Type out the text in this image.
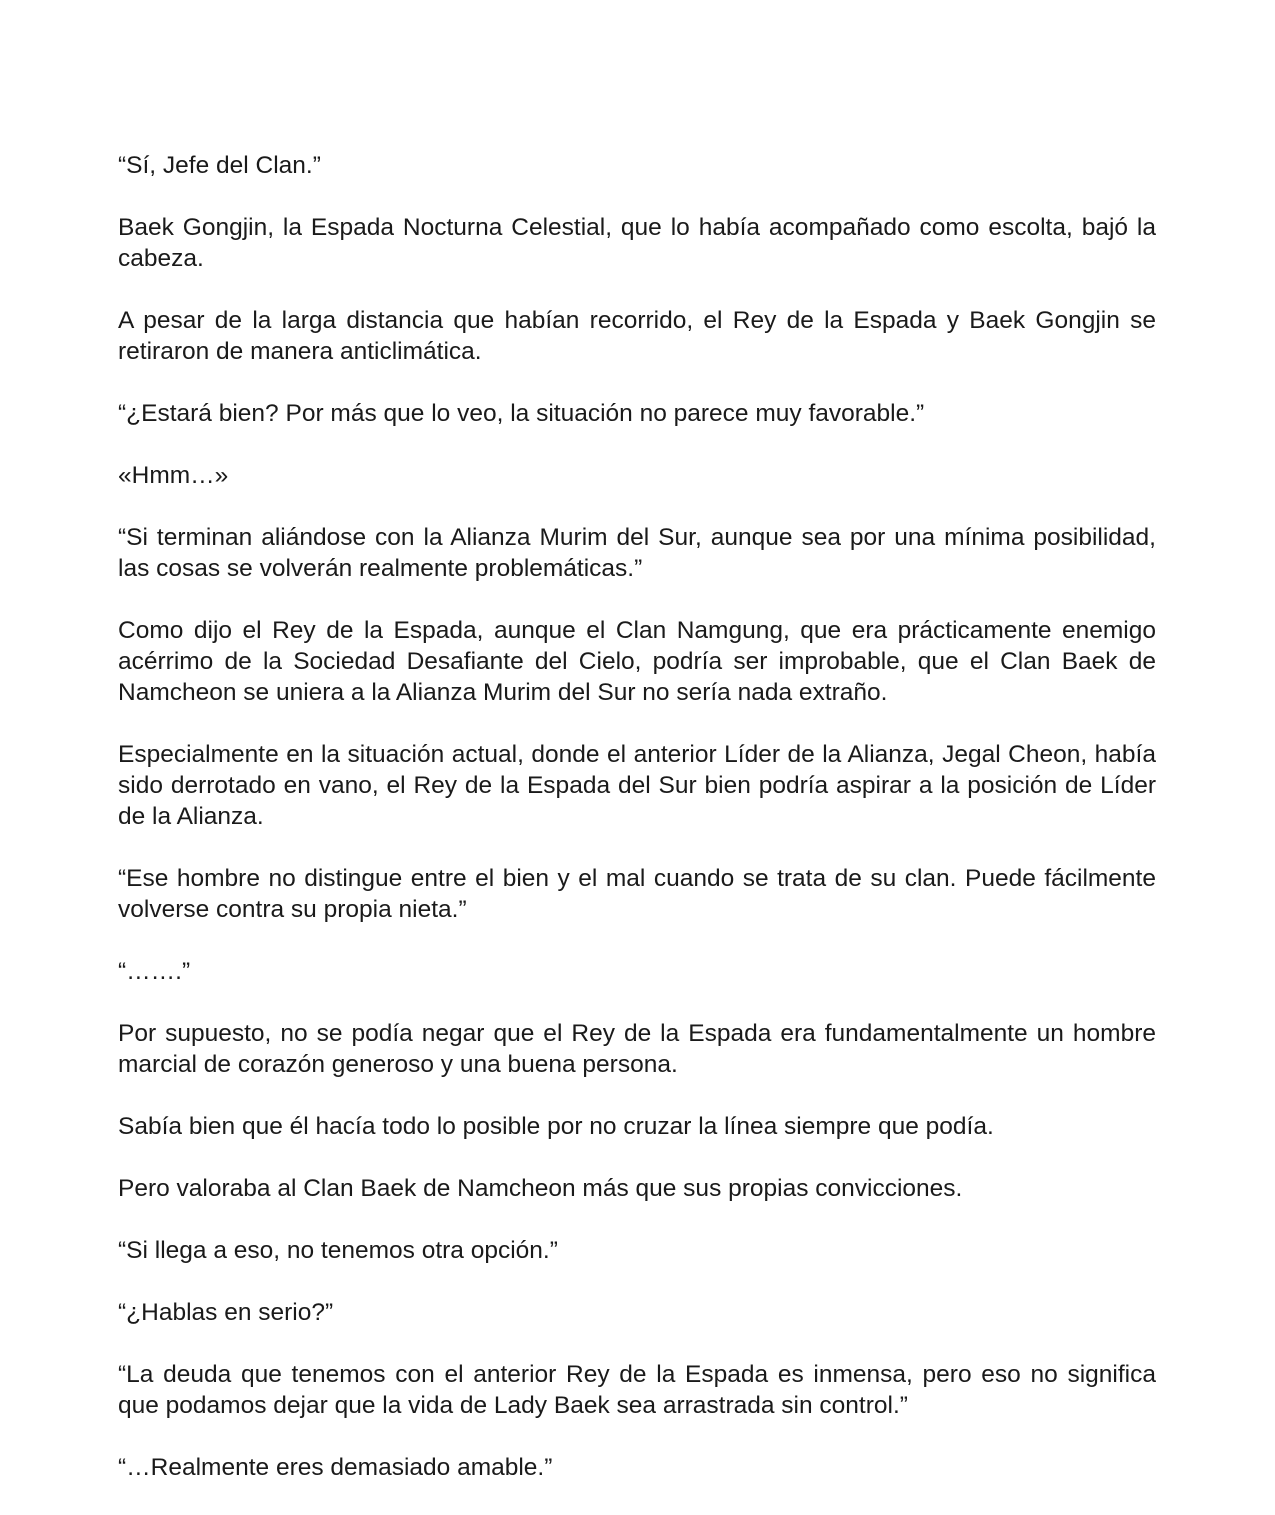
“Sí, Jefe del Clan.”

Baek Gongjin, la Espada Nocturna Celestial, que lo había acompañado como escolta, bajó la cabeza.

A pesar de la larga distancia que habían recorrido, el Rey de la Espada y Baek Gongjin se retiraron de manera anticlimática.

“¿Estará bien? Por más que lo veo, la situación no parece muy favorable.”

«Hmm…»

“Si terminan aliándose con la Alianza Murim del Sur, aunque sea por una mínima posibilidad, las cosas se volverán realmente problemáticas.”

Como dijo el Rey de la Espada, aunque el Clan Namgung, que era prácticamente enemigo acérrimo de la Sociedad Desafiante del Cielo, podría ser improbable, que el Clan Baek de Namcheon se uniera a la Alianza Murim del Sur no sería nada extraño.

Especialmente en la situación actual, donde el anterior Líder de la Alianza, Jegal Cheon, había sido derrotado en vano, el Rey de la Espada del Sur bien podría aspirar a la posición de Líder de la Alianza.

“Ese hombre no distingue entre el bien y el mal cuando se trata de su clan. Puede fácilmente volverse contra su propia nieta.”

“…….”

Por supuesto, no se podía negar que el Rey de la Espada era fundamentalmente un hombre marcial de corazón generoso y una buena persona.

Sabía bien que él hacía todo lo posible por no cruzar la línea siempre que podía.

Pero valoraba al Clan Baek de Namcheon más que sus propias convicciones.

“Si llega a eso, no tenemos otra opción.”

“¿Hablas en serio?”

“La deuda que tenemos con el anterior Rey de la Espada es inmensa, pero eso no significa que podamos dejar que la vida de Lady Baek sea arrastrada sin control.”

“…Realmente eres demasiado amable.”
